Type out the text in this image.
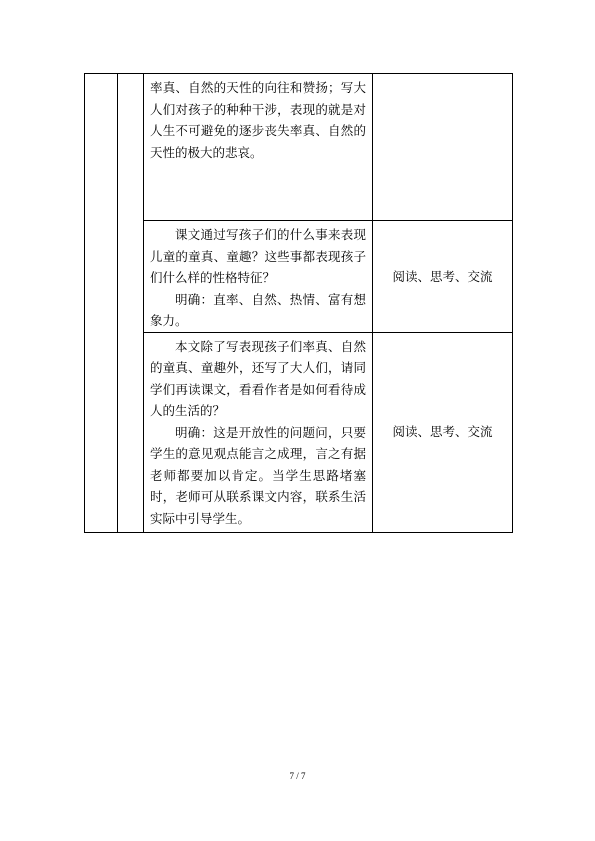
		率真、自然的天性的向往和赞扬；写大人们对孩子的种种干涉，表现的就是对人生不可避免的逐步丧失率真、自然的天性的极大的悲哀。	

		课文通过写孩子们的什么事来表现儿童的童真、童趣？这些事都表现孩子们什么样的性格特征？

明确：直率、自然、热情、富有想象力。	阅读、思考、交流

		本文除了写表现孩子们率真、自然的童真、童趣外，还写了大人们，请同学们再读课文，看看作者是如何看待成人的生活的？

明确：这是开放性的问题问，只要学生的意见观点能言之成理，言之有据老师都要加以肯定。当学生思路堵塞时，老师可从联系课文内容，联系生活实际中引导学生。	阅读、思考、交流
7 / 7
